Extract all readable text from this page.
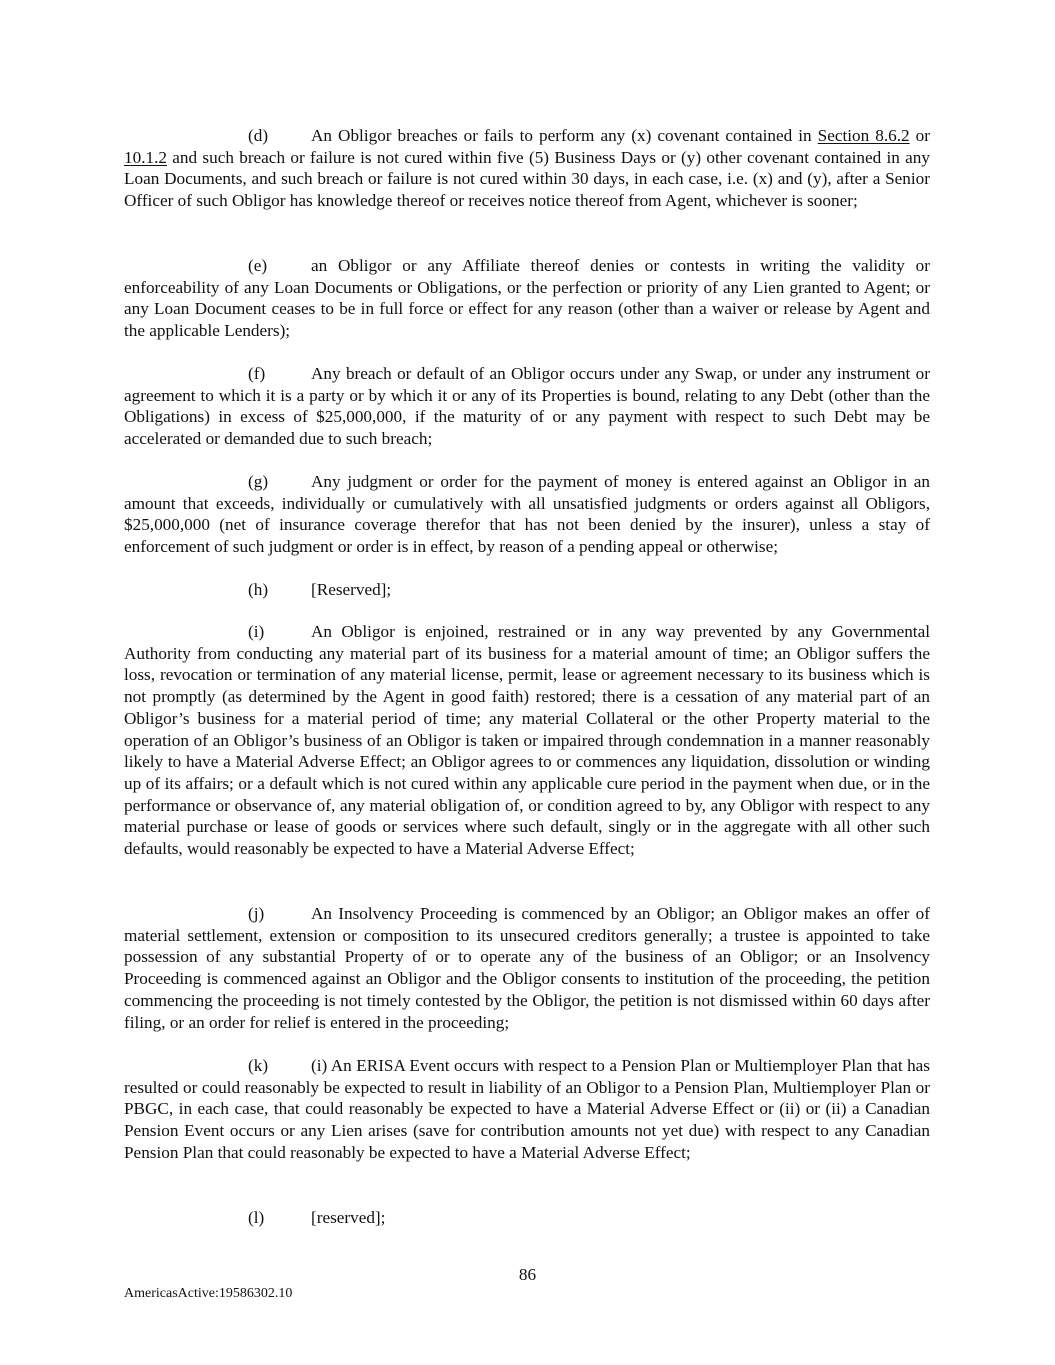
(d) An Obligor breaches or fails to perform any (x) covenant contained in Section 8.6.2 or 10.1.2 and such breach or failure is not cured within five (5) Business Days or (y) other covenant contained in any Loan Documents, and such breach or failure is not cured within 30 days, in each case, i.e. (x) and (y), after a Senior Officer of such Obligor has knowledge thereof or receives notice thereof from Agent, whichever is sooner;

(e)	an Obligor or any Affiliate thereof denies or contests in writing the validity or enforceability of any Loan Documents or Obligations, or the perfection or priority of any Lien granted to Agent; or any Loan Document ceases to be in full force or effect for any reason (other than a waiver or release by Agent and the applicable Lenders);

(f)	Any breach or default of an Obligor occurs under any Swap, or under any instrument or agreement to which it is a party or by which it or any of its Properties is bound, relating to any Debt (other than the Obligations) in excess of $25,000,000, if the maturity of or any payment with respect to such Debt may be accelerated or demanded due to such breach;

(g) Any judgment or order for the payment of money is entered against an Obligor in an amount that exceeds, individually or cumulatively with all unsatisfied judgments or orders against all Obligors, $25,000,000 (net of insurance coverage therefor that has not been denied by the insurer), unless a stay of enforcement of such judgment or order is in effect, by reason of a pending appeal or otherwise;

(h) [Reserved];

(i)	An Obligor is enjoined, restrained or in any way prevented by any Governmental Authority from conducting any material part of its business for a material amount of time; an Obligor suffers the loss, revocation or termination of any material license, permit, lease or agreement necessary to its business which is not promptly (as determined by the Agent in good faith) restored; there is a cessation of any material part of an Obligor’s business for a material period of time; any material Collateral or the other Property material to the operation of an Obligor’s business of an Obligor is taken or impaired through condemnation in a manner reasonably likely to have a Material Adverse Effect; an Obligor agrees to or commences any liquidation, dissolution or winding up of its affairs; or a default which is not cured within any applicable cure period in the payment when due, or in the performance or observance of, any material obligation of, or condition agreed to by, any Obligor with respect to any material purchase or lease of goods or services where such default, singly or in the aggregate with all other such defaults, would reasonably be expected to have a Material Adverse Effect;

(j)	An Insolvency Proceeding is commenced by an Obligor; an Obligor makes an offer of material settlement, extension or composition to its unsecured creditors generally; a trustee is appointed to take possession of any substantial Property of or to operate any of the business of an Obligor; or an Insolvency Proceeding is commenced against an Obligor and the Obligor consents to institution of the proceeding, the petition commencing the proceeding is not timely contested by the Obligor, the petition is not dismissed within 60 days after filing, or an order for relief is entered in the proceeding;

(k) (i) An ERISA Event occurs with respect to a Pension Plan or Multiemployer Plan that has resulted or could reasonably be expected to result in liability of an Obligor to a Pension Plan, Multiemployer Plan or PBGC, in each case, that could reasonably be expected to have a Material Adverse Effect or (ii) or (ii) a Canadian Pension Event occurs or any Lien arises (save for contribution amounts not yet due) with respect to any Canadian Pension Plan that could reasonably be expected to have a Material Adverse Effect;

(l)	[reserved];

86

AmericasActive:19586302.10
